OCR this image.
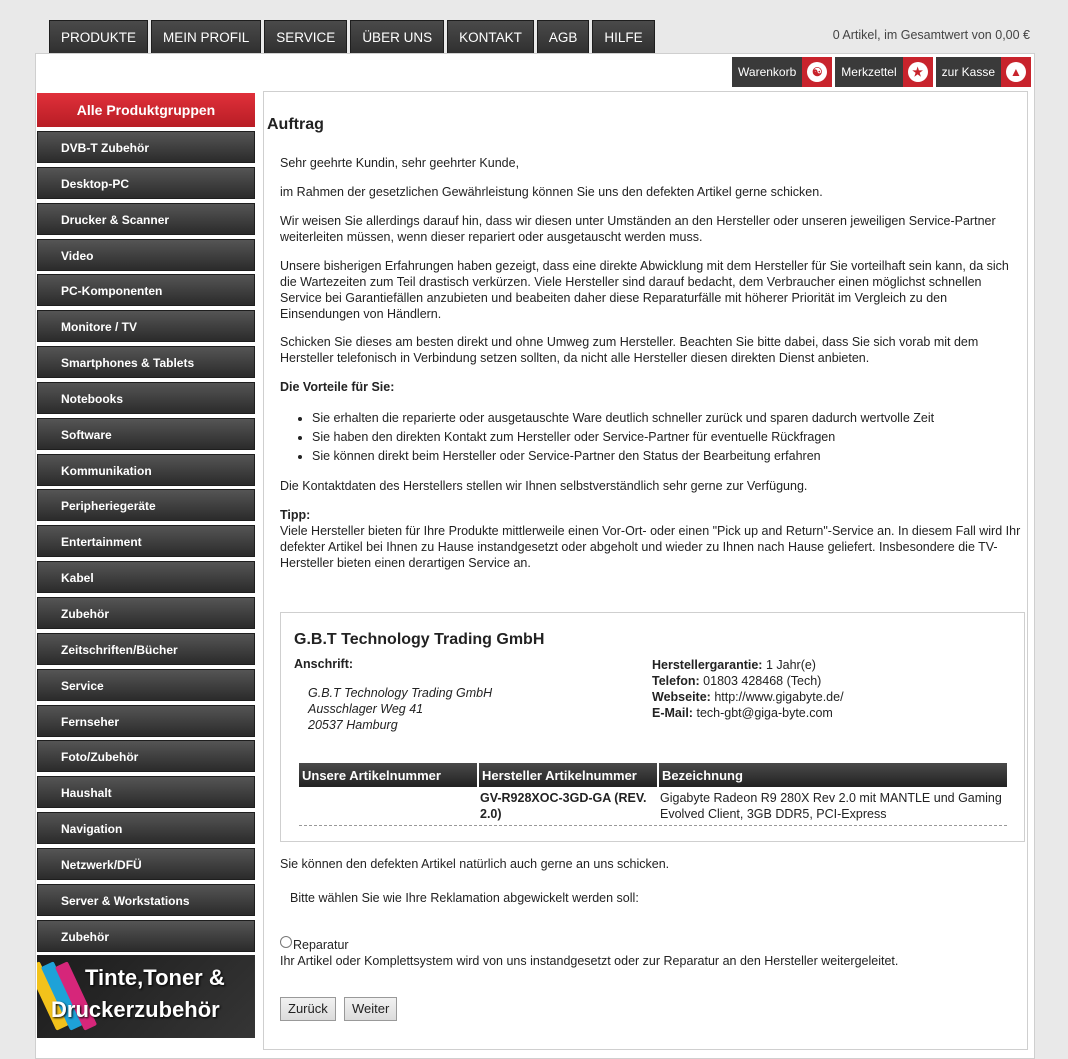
PRODUKTE	MEIN PROFIL	SERVICE	ÜBER UNS	KONTAKT	AGB	HILFE	0 Artikel, im Gesamtwert von 0,00 €
Warenkorb	☯	Merkzettel	★	zur Kasse	▲
Alle Produktgruppen
DVB-T Zubehör
Desktop-PC
Drucker & Scanner
Video
PC-Komponenten
Monitore / TV
Smartphones & Tablets
Notebooks
Software
Kommunikation
Peripheriegeräte
Entertainment
Kabel
Zubehör
Zeitschriften/Bücher
Service
Fernseher
Foto/Zubehör
Haushalt
Navigation
Netzwerk/DFÜ
Server & Workstations
Zubehör
Tinte,Toner &
Druckerzubehör
Auftrag

Sehr geehrte Kundin, sehr geehrter Kunde,

im Rahmen der gesetzlichen Gewährleistung können Sie uns den defekten Artikel gerne schicken.

Wir weisen Sie allerdings darauf hin, dass wir diesen unter Umständen an den Hersteller oder unseren jeweiligen Service-Partner weiterleiten müssen, wenn dieser repariert oder ausgetauscht werden muss.

Unsere bisherigen Erfahrungen haben gezeigt, dass eine direkte Abwicklung mit dem Hersteller für Sie vorteilhaft sein kann, da sich die Wartezeiten zum Teil drastisch verkürzen. Viele Hersteller sind darauf bedacht, dem Verbraucher einen möglichst schnellen Service bei Garantiefällen anzubieten und beabeiten daher diese Reparaturfälle mit höherer Priorität im Vergleich zu den Einsendungen von Händlern.

Schicken Sie dieses am besten direkt und ohne Umweg zum Hersteller. Beachten Sie bitte dabei, dass Sie sich vorab mit dem Hersteller telefonisch in Verbindung setzen sollten, da nicht alle Hersteller diesen direkten Dienst anbieten.

Die Vorteile für Sie:

• Sie erhalten die reparierte oder ausgetauschte Ware deutlich schneller zurück und sparen dadurch wertvolle Zeit
• Sie haben den direkten Kontakt zum Hersteller oder Service-Partner für eventuelle Rückfragen
• Sie können direkt beim Hersteller oder Service-Partner den Status der Bearbeitung erfahren

Die Kontaktdaten des Herstellers stellen wir Ihnen selbstverständlich sehr gerne zur Verfügung.

Tipp:

Viele Hersteller bieten für Ihre Produkte mittlerweile einen Vor-Ort- oder einen "Pick up and Return"-Service an. In diesem Fall wird Ihr defekter Artikel bei Ihnen zu Hause instandgesetzt oder abgeholt und wieder zu Ihnen nach Hause geliefert. Insbesondere die TV-Hersteller bieten einen derartigen Service an.

G.B.T Technology Trading GmbH
Anschrift:
G.B.T Technology Trading GmbH
Ausschlager Weg 41
20537 Hamburg
Herstellergarantie: 1 Jahr(e)
Telefon: 01803 428468 (Tech)
Webseite: http://www.gigabyte.de/
E-Mail: tech-gbt@giga-byte.com
Unsere Artikelnummer	Hersteller Artikelnummer	Bezeichnung
	GV-R928XOC-3GD-GA (REV. 2.0)	Gigabyte Radeon R9 280X Rev 2.0 mit MANTLE und Gaming Evolved Client, 3GB DDR5, PCI-Express

Sie können den defekten Artikel natürlich auch gerne an uns schicken.

Bitte wählen Sie wie Ihre Reklamation abgewickelt werden soll:

Reparatur

Ihr Artikel oder Komplettsystem wird von uns instandgesetzt oder zur Reparatur an den Hersteller weitergeleitet.

Zurück	Weiter
